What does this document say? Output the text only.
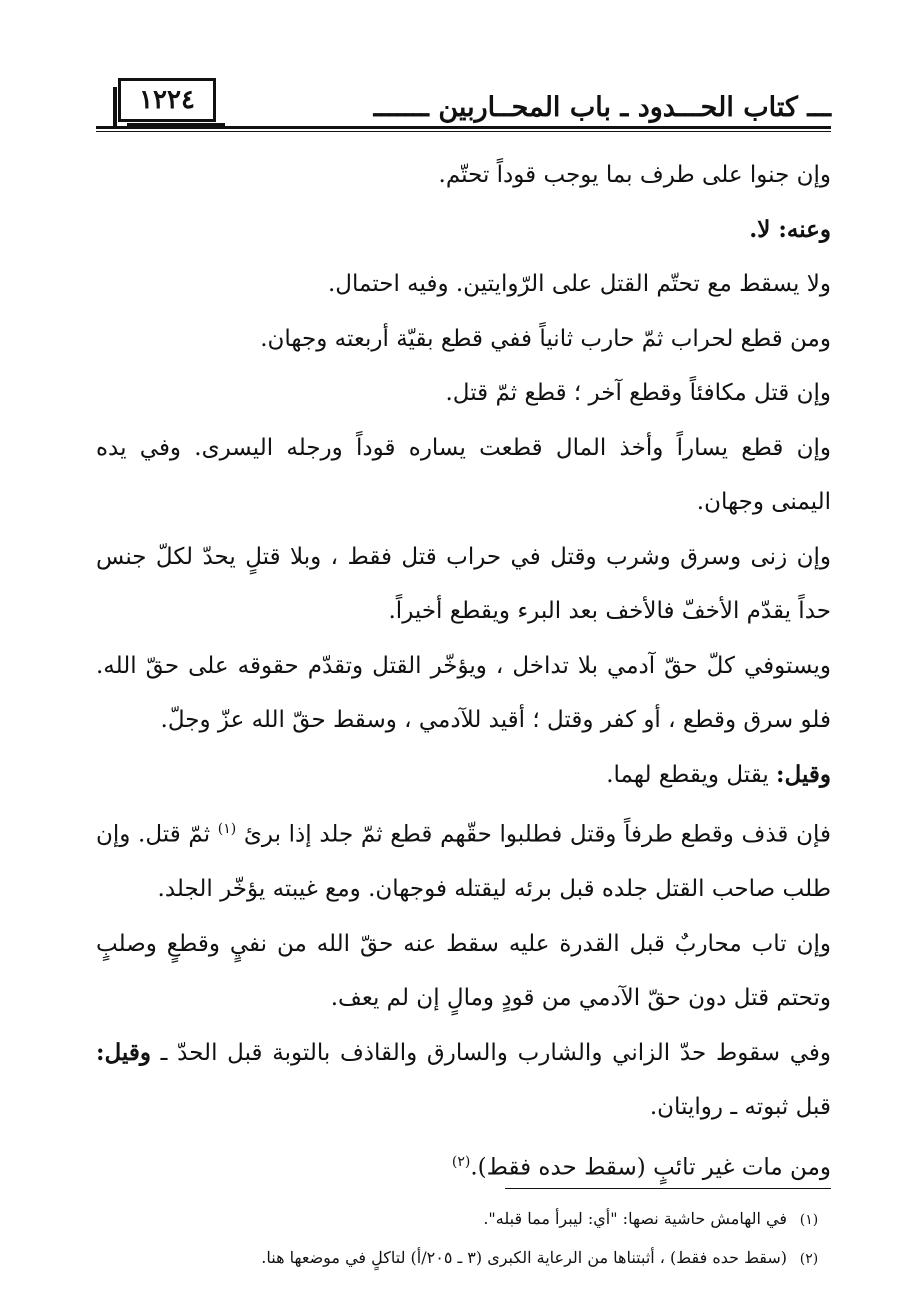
١٢٢٤	ـــ كتاب الحـــدود ـ باب المحــاربين ـــــــ

وإن جنوا على طرف بما يوجب قوداً تحتّم.

وعنه: لا.

ولا يسقط مع تحتّم القتل على الرّوايتين. وفيه احتمال.

ومن قطع لحراب ثمّ حارب ثانياً ففي قطع بقيّة أربعته وجهان.

وإن قتل مكافئاً وقطع آخر ؛ قطع ثمّ قتل.

وإن قطع يساراً وأخذ المال قطعت يساره قوداً ورجله اليسرى. وفي يده اليمنى وجهان.

وإن زنى وسرق وشرب وقتل في حراب قتل فقط ، وبلا قتلٍ يحدّ لكلّ جنس حداً يقدّم الأخفّ فالأخف بعد البرء ويقطع أخيراً.

ويستوفي كلّ حقّ آدمي بلا تداخل ، ويؤخّر القتل وتقدّم حقوقه على حقّ الله. فلو سرق وقطع ، أو كفر وقتل ؛ أقيد للآدمي ، وسقط حقّ الله عزّ وجلّ.

وقيل: يقتل ويقطع لهما.

فإن قذف وقطع طرفاً وقتل فطلبوا حقّهم قطع ثمّ جلد إذا برئ $^{(١)}$ ثمّ قتل. وإن طلب صاحب القتل جلده قبل برئه ليقتله فوجهان. ومع غيبته يؤخّر الجلد.

وإن تاب محاربٌ قبل القدرة عليه سقط عنه حقّ الله من نفيٍ وقطعٍ وصلبٍ وتحتم قتل دون حقّ الآدمي من قودٍ ومالٍ إن لم يعف.

وفي سقوط حدّ الزاني والشارب والسارق والقاذف بالتوبة قبل الحدّ ـ وقيل: قبل ثبوته ـ روايتان.

ومن مات غير تائبٍ (سقط حده فقط).$^{(٢)}$

(١)
في الهامش حاشية نصها: "أي: ليبرأ مما قبله".
(٢)
(سقط حده فقط) ، أثبتناها من الرعاية الكبرى (٣ ـ ٢٠٥/أ) لتاكلٍ في موضعها هنا.
